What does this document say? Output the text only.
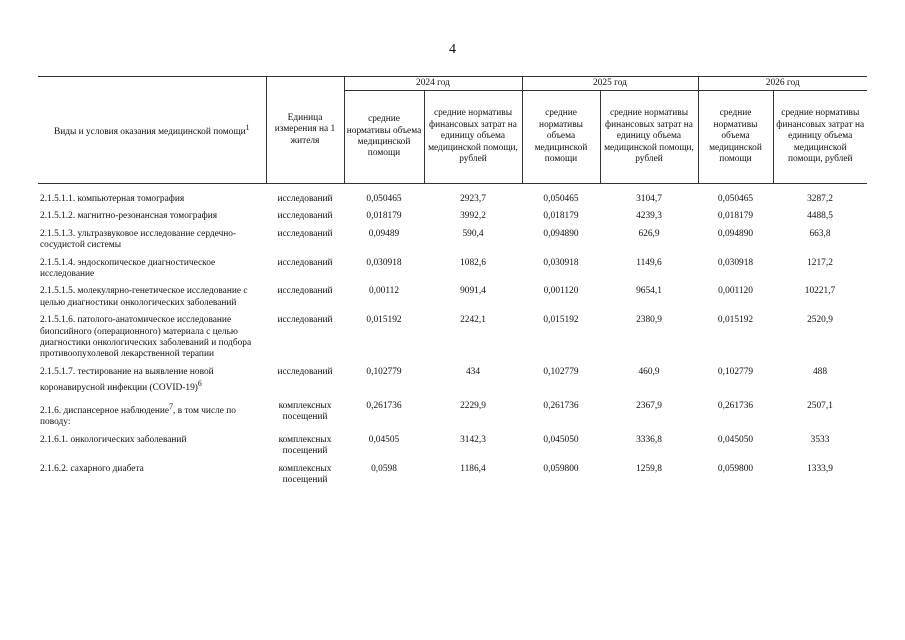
4
Виды и условия оказания медицинской помощи$^1$	Единица измерения на 1 жителя	2024 год		2025 год		2026 год	
		средние нормативы объема медицинской помощи	средние нормативы финансовых затрат на единицу объема медицинской помощи, рублей	средние нормативы объема медицинской помощи	средние нормативы финансовых затрат на единицу объема медицинской помощи, рублей	средние нормативы объема медицинской помощи	средние нормативы финансовых затрат на единицу объема медицинской помощи, рублей

2.1.5.1.1. компьютерная томография	исследований	0,050465	2923,7	0,050465	3104,7	0,050465	3287,2
2.1.5.1.2. магнитно-резонансная томография	исследований	0,018179	3992,2	0,018179	4239,3	0,018179	4488,5
2.1.5.1.3. ультразвуковое исследование сердечно-сосудистой системы	исследований	0,09489	590,4	0,094890	626,9	0,094890	663,8
2.1.5.1.4. эндоскопическое диагностическое исследование	исследований	0,030918	1082,6	0,030918	1149,6	0,030918	1217,2
2.1.5.1.5. молекулярно-генетическое исследование с целью диагностики онкологических заболеваний	исследований	0,00112	9091,4	0,001120	9654,1	0,001120	10221,7
2.1.5.1.6. патолого-анатомическое исследование биопсийного (операционного) материала с целью диагностики онкологических заболеваний и подбора противоопухолевой лекарственной терапии	исследований	0,015192	2242,1	0,015192	2380,9	0,015192	2520,9
2.1.5.1.7. тестирование на выявление новой коронавирусной инфекции (COVID-19)$^6$	исследований	0,102779	434	0,102779	460,9	0,102779	488
2.1.6. диспансерное наблюдение$^7$, в том числе по поводу:	комплексных посещений	0,261736	2229,9	0,261736	2367,9	0,261736	2507,1
2.1.6.1. онкологических заболеваний	комплексных посещений	0,04505	3142,3	0,045050	3336,8	0,045050	3533
2.1.6.2. сахарного диабета	комплексных посещений	0,0598	1186,4	0,059800	1259,8	0,059800	1333,9
